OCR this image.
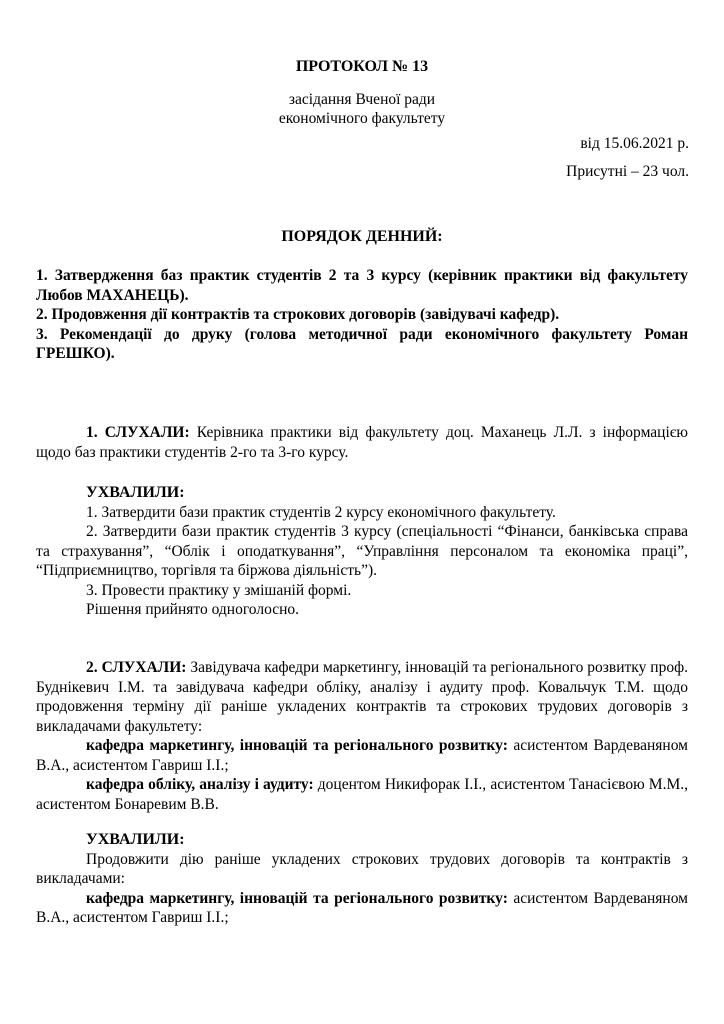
ПРОТОКОЛ № 13
засідання Вченої ради
економічного факультету
від 15.06.2021 р.
Присутні – 23 чол.
ПОРЯДОК ДЕННИЙ:

1. Затвердження баз практик студентів 2 та 3 курсу (керівник практики від факультету Любов МАХАНЕЦЬ).

2. Продовження дії контрактів та строкових договорів (завідувачі кафедр).

3. Рекомендації до друку (голова методичної ради економічного факультету Роман ГРЕШКО).

1. СЛУХАЛИ: Керівника практики від факультету доц. Маханець Л.Л. з інформацією щодо баз практики студентів 2-го та 3-го курсу.

УХВАЛИЛИ:

1. Затвердити бази практик студентів 2 курсу економічного факультету.

2. Затвердити бази практик студентів 3 курсу (спеціальності “Фінанси, банківська справа та страхування”, “Облік і оподаткування”, “Управління персоналом та економіка праці”, “Підприємництво, торгівля та біржова діяльність”).

3. Провести практику у змішаній формі.

Рішення прийнято одноголосно.

2. СЛУХАЛИ: Завідувача кафедри маркетингу, інновацій та регіонального розвитку проф. Буднікевич І.М. та завідувача кафедри обліку, аналізу і аудиту проф. Ковальчук Т.М. щодо продовження терміну дії раніше укладених контрактів та строкових трудових договорів з викладачами факультету:

кафедра маркетингу, інновацій та регіонального розвитку: асистентом Вардеваняном В.А., асистентом Гавриш І.І.;

кафедра обліку, аналізу і аудиту: доцентом Никифорак І.І., асистентом Танасієвою М.М., асистентом Бонаревим В.В.

УХВАЛИЛИ:

Продовжити дію раніше укладених строкових трудових договорів та контрактів з викладачами:

кафедра маркетингу, інновацій та регіонального розвитку: асистентом Вардеваняном В.А., асистентом Гавриш І.І.;
